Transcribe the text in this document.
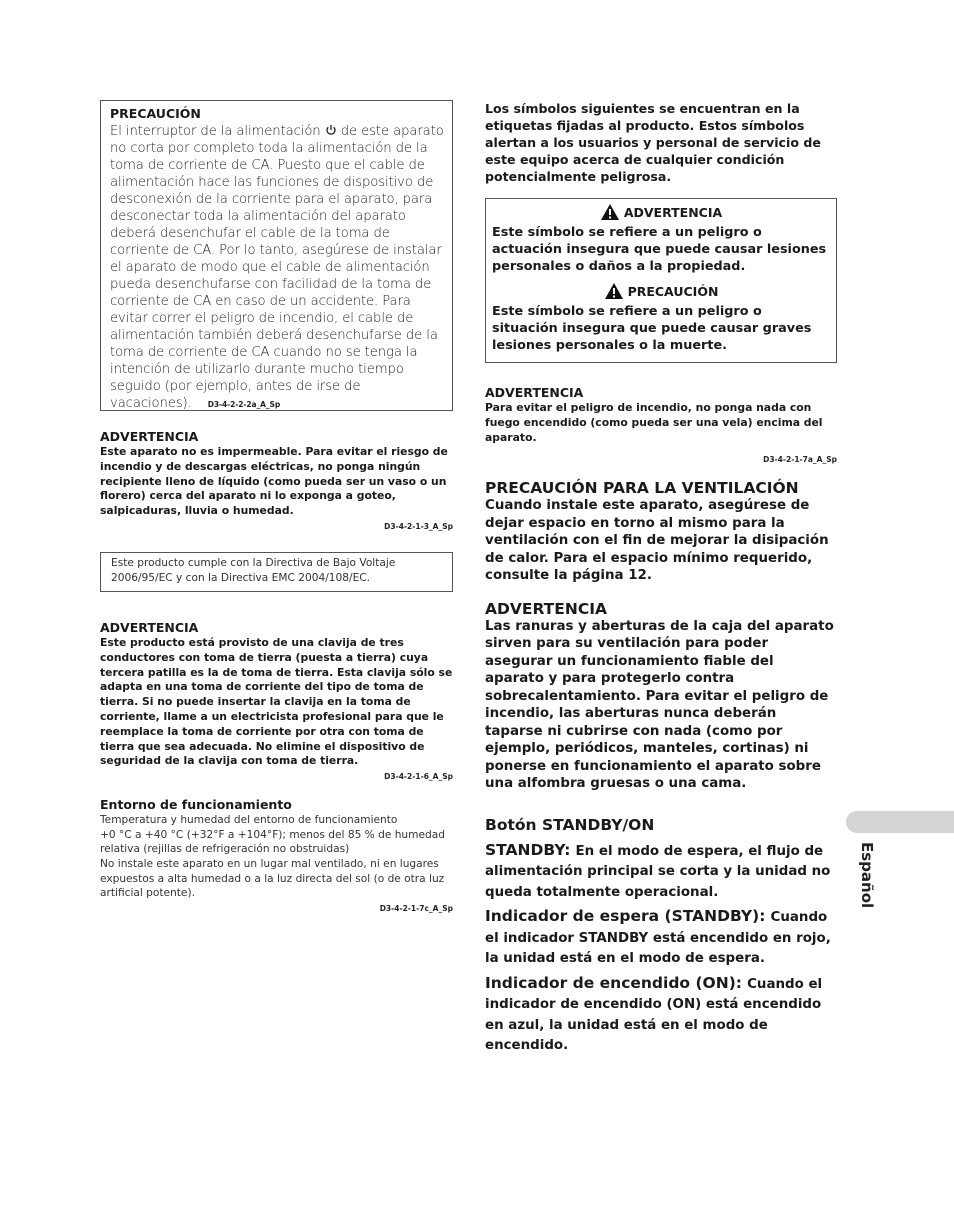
PRECAUCIÓN
El interruptor de la alimentación de este aparato no corta por completo toda la alimentación de la toma de corriente de CA. Puesto que el cable de alimentación hace las funciones de dispositivo de desconexión de la corriente para el aparato, para desconectar toda la alimentación del aparato deberá desenchufar el cable de la toma de corriente de CA. Por lo tanto, asegúrese de instalar el aparato de modo que el cable de alimentación pueda desenchufarse con facilidad de la toma de corriente de CA en caso de un accidente. Para evitar correr el peligro de incendio, el cable de alimentación también deberá desenchufarse de la toma de corriente de CA cuando no se tenga la intención de utilizarlo durante mucho tiempo seguido (por ejemplo, antes de irse de vacaciones). D3-4-2-2-2a_A_Sp
ADVERTENCIA
Este aparato no es impermeable. Para evitar el riesgo de incendio y de descargas eléctricas, no ponga ningún recipiente lleno de líquido (como pueda ser un vaso o un florero) cerca del aparato ni lo exponga a goteo, salpicaduras, lluvia o humedad.
D3-4-2-1-3_A_Sp
Este producto cumple con la Directiva de Bajo Voltaje 2006/95/EC y con la Directiva EMC 2004/108/EC.
ADVERTENCIA
Este producto está provisto de una clavija de tres conductores con toma de tierra (puesta a tierra) cuya tercera patilla es la de toma de tierra. Esta clavija sólo se adapta en una toma de corriente del tipo de toma de tierra. Si no puede insertar la clavija en la toma de corriente, llame a un electricista profesional para que le reemplace la toma de corriente por otra con toma de tierra que sea adecuada. No elimine el dispositivo de seguridad de la clavija con toma de tierra.
D3-4-2-1-6_A_Sp
Entorno de funcionamiento
Temperatura y humedad del entorno de funcionamiento
+0 °C a +40 °C (+32°F a +104°F); menos del 85 % de humedad relativa (rejillas de refrigeración no obstruidas)
No instale este aparato en un lugar mal ventilado, ni en lugares expuestos a alta humedad o a la luz directa del sol (o de otra luz artificial potente).
D3-4-2-1-7c_A_Sp
Los símbolos siguientes se encuentran en la etiquetas fijadas al producto. Estos símbolos alertan a los usuarios y personal de servicio de este equipo acerca de cualquier condición potencialmente peligrosa.
ADVERTENCIA
Este símbolo se refiere a un peligro o actuación insegura que puede causar lesiones personales o daños a la propiedad.
PRECAUCIÓN
Este símbolo se refiere a un peligro o situación insegura que puede causar graves lesiones personales o la muerte.
ADVERTENCIA
Para evitar el peligro de incendio, no ponga nada con fuego encendido (como pueda ser una vela) encima del aparato.
D3-4-2-1-7a_A_Sp
PRECAUCIÓN PARA LA VENTILACIÓN
Cuando instale este aparato, asegúrese de dejar espacio en torno al mismo para la ventilación con el fin de mejorar la disipación de calor. Para el espacio mínimo requerido, consulte la página 12.
ADVERTENCIA
Las ranuras y aberturas de la caja del aparato sirven para su ventilación para poder asegurar un funcionamiento fiable del aparato y para protegerlo contra sobrecalentamiento. Para evitar el peligro de incendio, las aberturas nunca deberán taparse ni cubrirse con nada (como por ejemplo, periódicos, manteles, cortinas) ni ponerse en funcionamiento el aparato sobre una alfombra gruesas o una cama.
Botón STANDBY/ON
STANDBY: En el modo de espera, el flujo de alimentación principal se corta y la unidad no queda totalmente operacional.
Indicador de espera (STANDBY): Cuando el indicador STANDBY está encendido en rojo, la unidad está en el modo de espera.
Indicador de encendido (ON): Cuando el indicador de encendido (ON) está encendido en azul, la unidad está en el modo de encendido.
Español
